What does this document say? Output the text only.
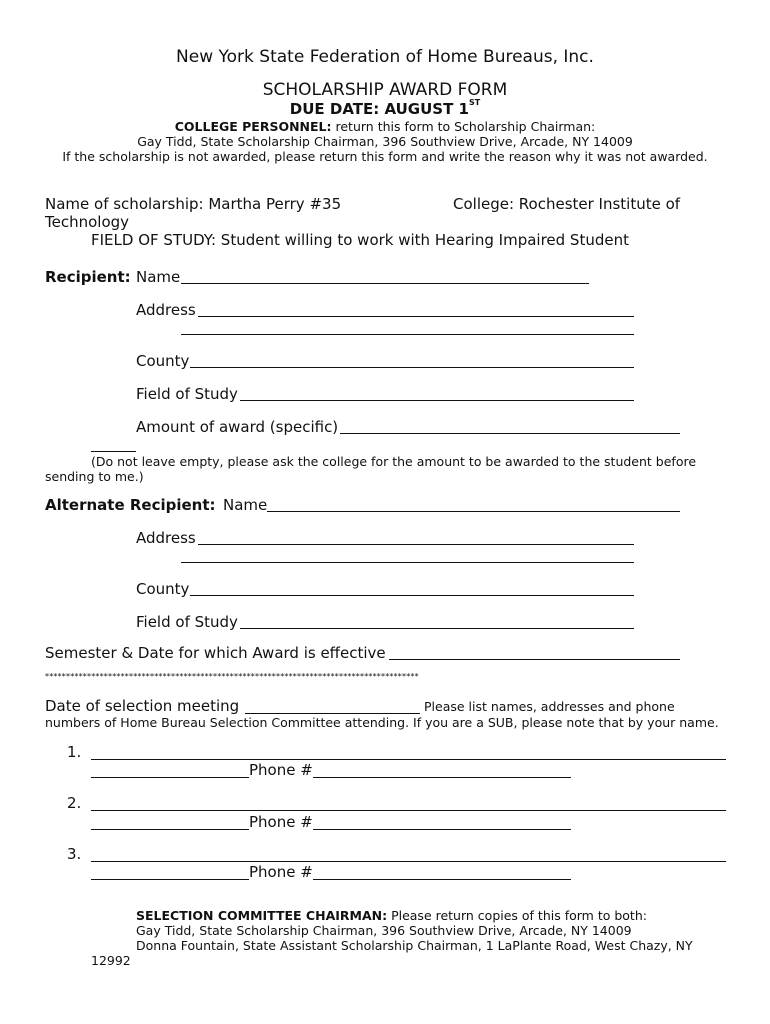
New York State Federation of Home Bureaus, Inc.
SCHOLARSHIP AWARD FORM
DUE DATE: AUGUST 1ST
COLLEGE PERSONNEL: return this form to Scholarship Chairman:
Gay Tidd, State Scholarship Chairman, 396 Southview Drive, Arcade, NY 14009
If the scholarship is not awarded, please return this form and write the reason why it was not awarded.
Name of scholarship: Martha Perry #35	College: Rochester Institute of
Technology
FIELD OF STUDY: Student willing to work with Hearing Impaired Student
Recipient: Name
Address
County
Field of Study
Amount of award (specific)
(Do not leave empty, please ask the college for the amount to be awarded to the student before
sending to me.)
Alternate Recipient: Name
Address
County
Field of Study
Semester & Date for which Award is effective
*****************************************************************************************
Date of selection meeting	Please list names, addresses and phone
numbers of Home Bureau Selection Committee attending. If you are a SUB, please note that by your name.
1.
Phone #
2.
Phone #
3.
Phone #
SELECTION COMMITTEE CHAIRMAN: Please return copies of this form to both:
Gay Tidd, State Scholarship Chairman, 396 Southview Drive, Arcade, NY 14009
Donna Fountain, State Assistant Scholarship Chairman, 1 LaPlante Road, West Chazy, NY
12992
